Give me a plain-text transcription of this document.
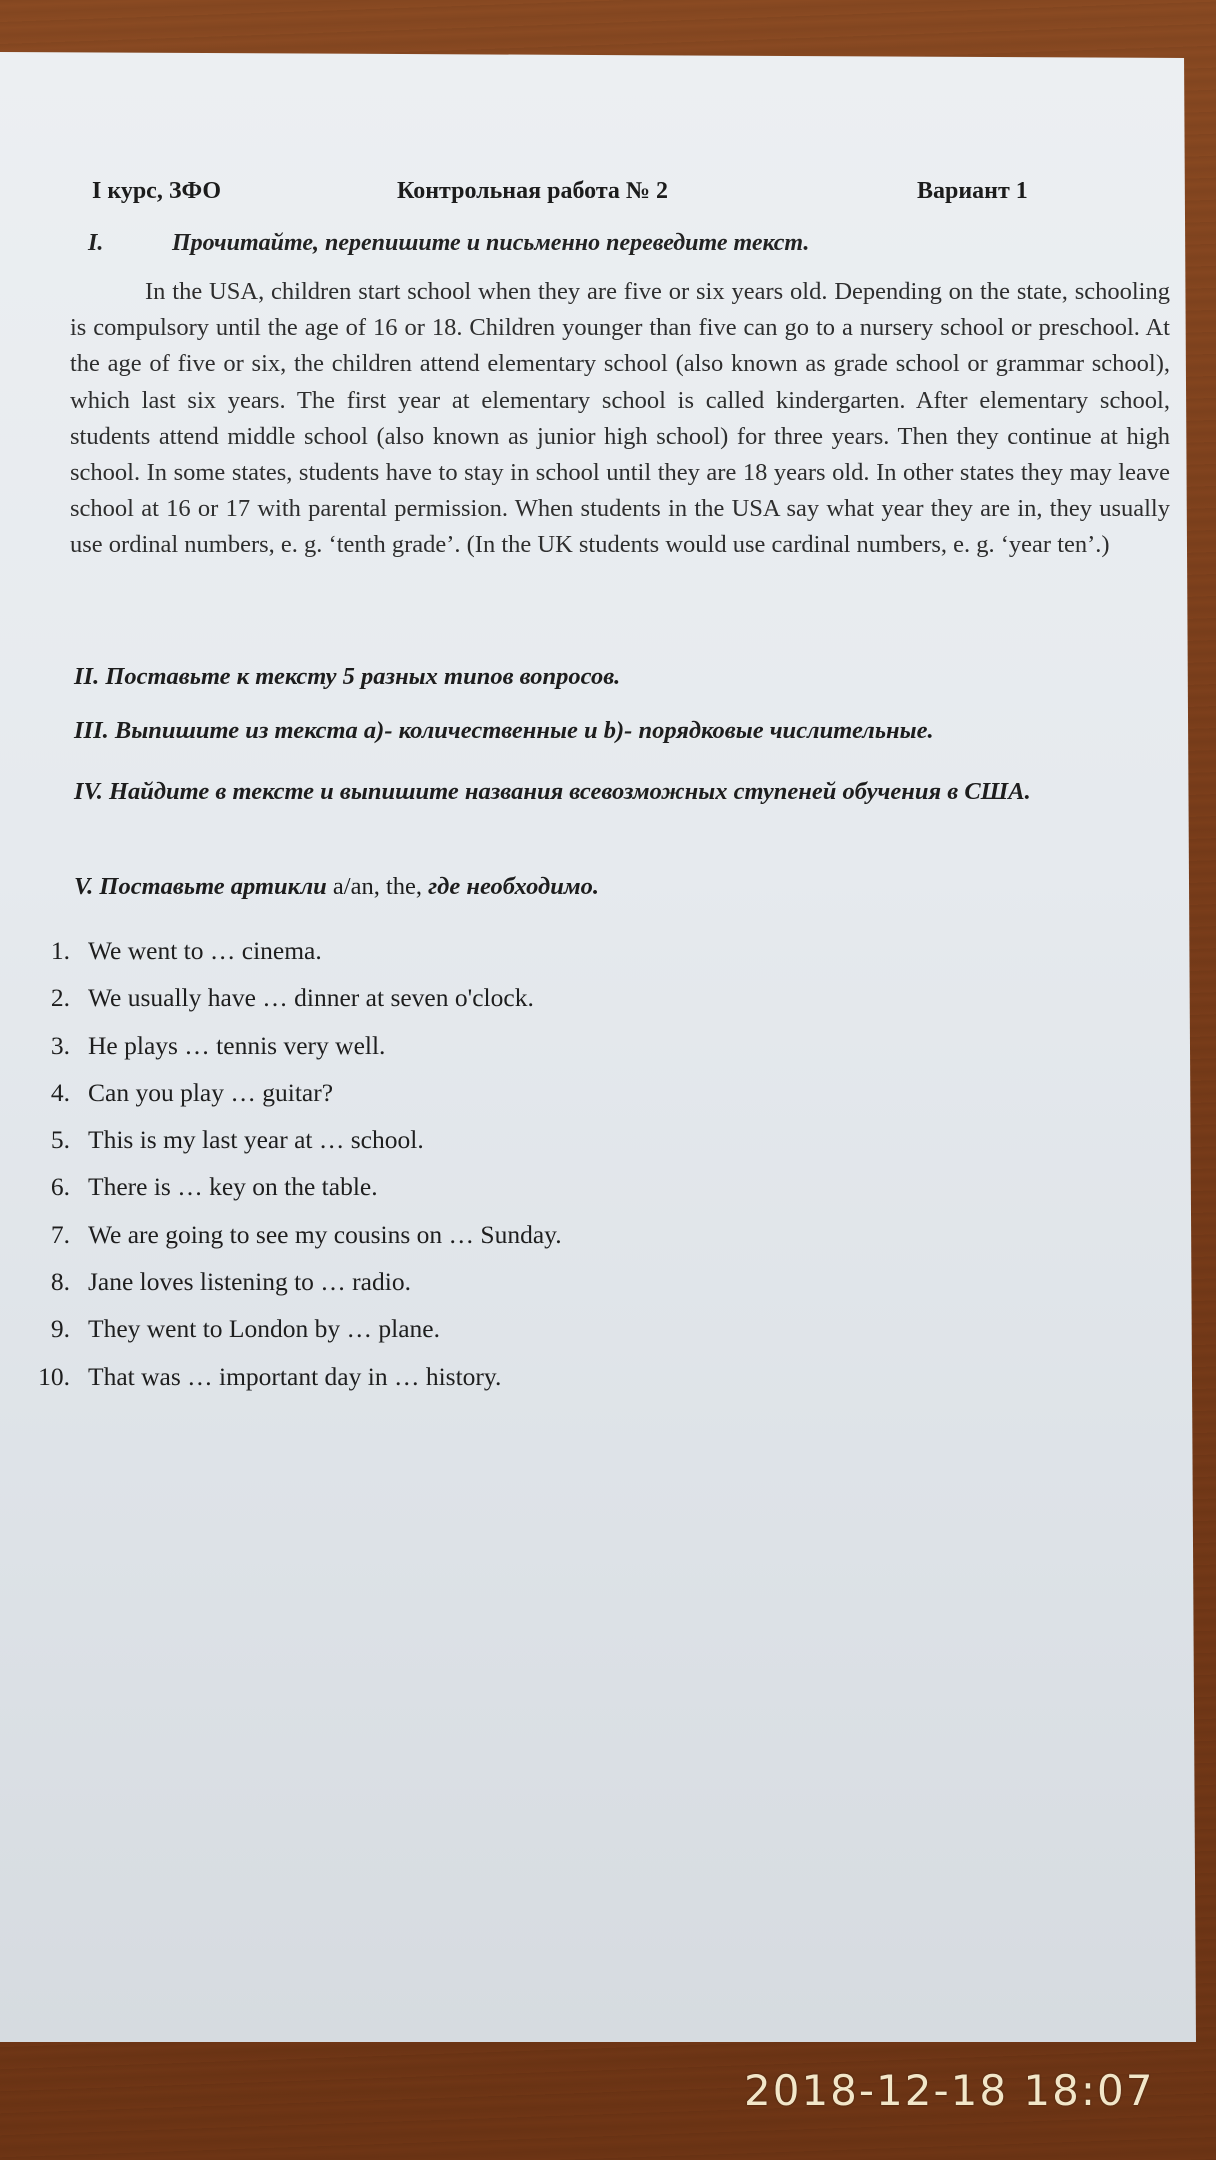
I курс, ЗФО	Контрольная работа № 2	Вариант 1
I.	Прочитайте, перепишите и письменно переведите текст.

In the USA, children start school when they are five or six years old. Depending on the state, schooling is compulsory until the age of 16 or 18. Children younger than five can go to a nursery school or preschool. At the age of five or six, the children attend elementary school (also known as grade school or grammar school), which last six years. The first year at elementary school is called kindergarten. After elementary school, students attend middle school (also known as junior high school) for three years. Then they continue at high school. In some states, students have to stay in school until they are 18 years old. In other states they may leave school at 16 or 17 with parental permission. When students in the USA say what year they are in, they usually use ordinal numbers, e. g. ‘tenth grade’. (In the UK students would use cardinal numbers, e. g. ‘year ten’.)

II. Поставьте к тексту 5 разных типов вопросов.
III. Выпишите из текста а)- количественные и b)- порядковые числительные.
IV. Найдите в тексте и выпишите названия всевозможных ступеней обучения в США.
V. Поставьте артикли a/an, the, где необходимо.
1. We went to … cinema.
2. We usually have … dinner at seven o'clock.
3. He plays … tennis very well.
4. Can you play … guitar?
5. This is my last year at … school.
6. There is … key on the table.
7. We are going to see my cousins on … Sunday.
8. Jane loves listening to … radio.
9. They went to London by … plane.
10. That was … important day in … history.
2018-12-18 18:07
